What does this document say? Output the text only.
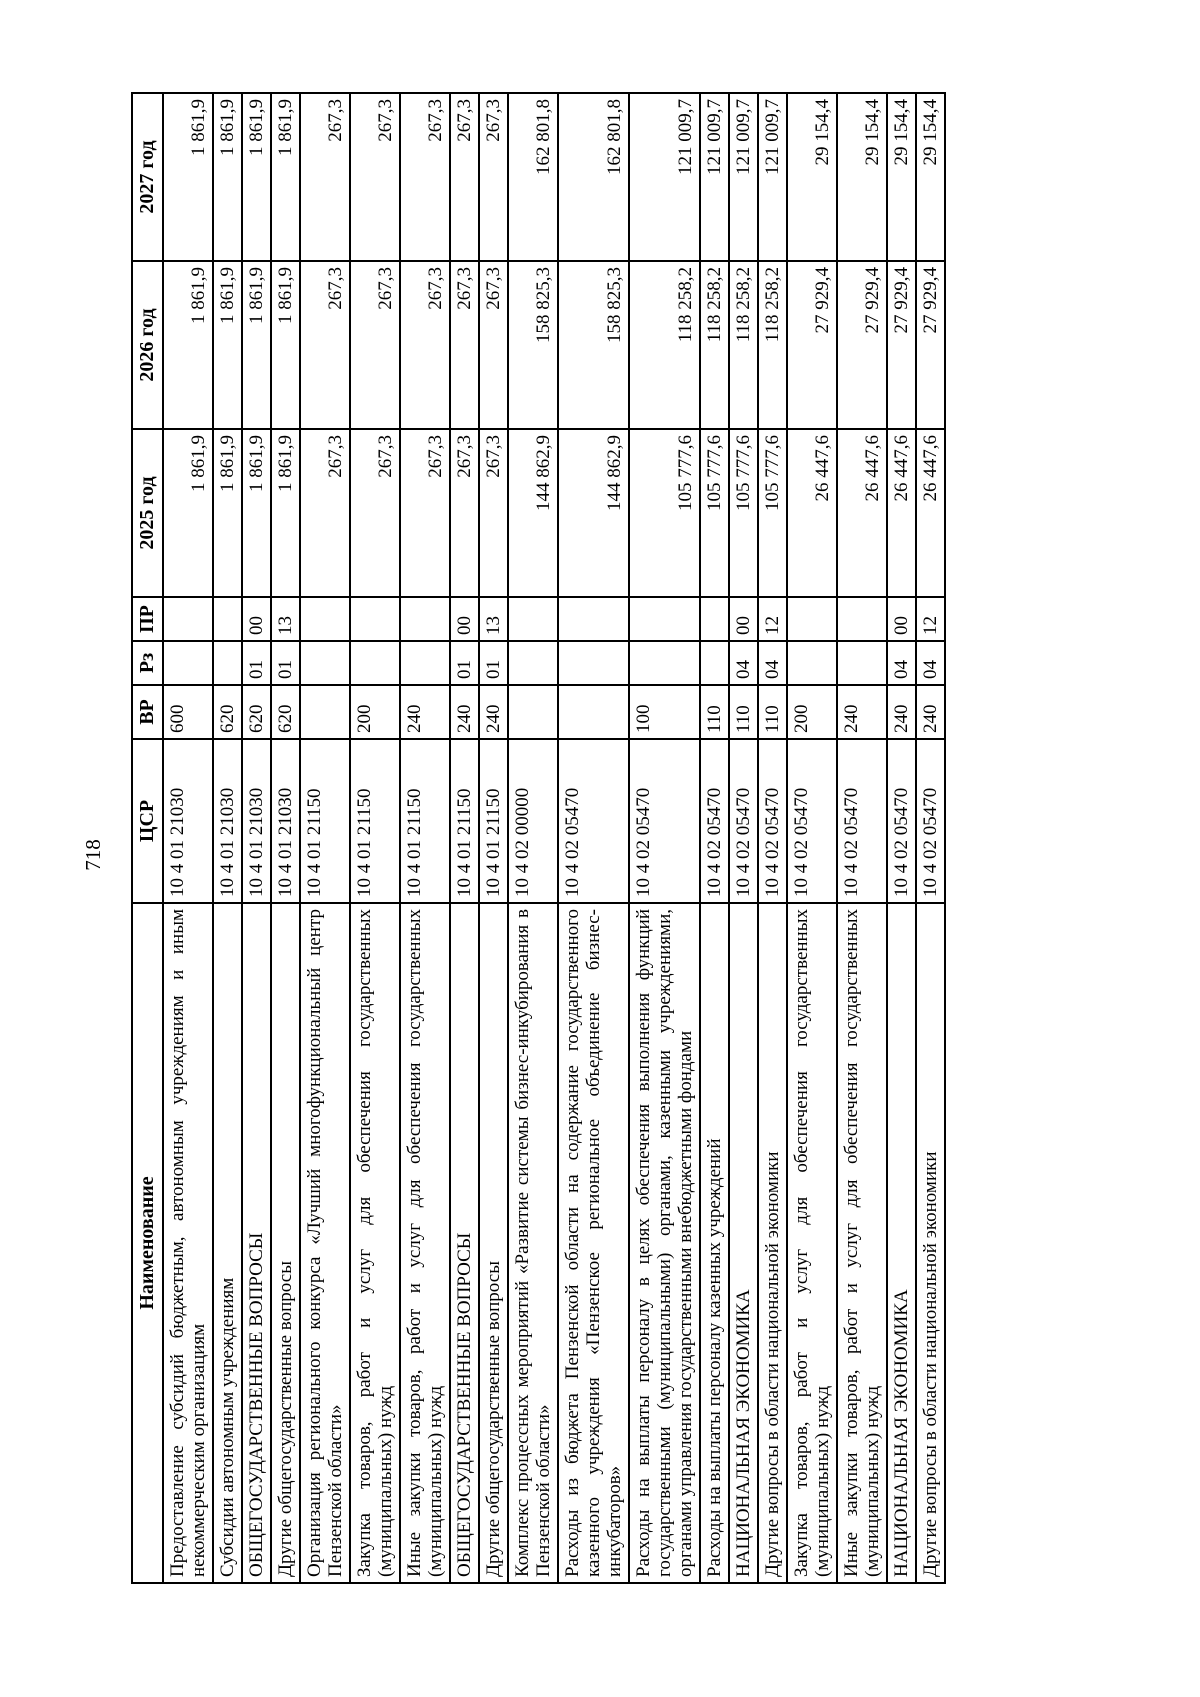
718
Наименование	ЦСР	ВР	Рз	ПР	2025 год	2026 год	2027 год
Предоставление субсидий бюджетным, автономным учреждениям и иным некоммерческим организациям	10 4 01 21030	600			1 861,9	1 861,9	1 861,9
Субсидии автономным учреждениям	10 4 01 21030	620			1 861,9	1 861,9	1 861,9
ОБЩЕГОСУДАРСТВЕННЫЕ ВОПРОСЫ	10 4 01 21030	620	01	00	1 861,9	1 861,9	1 861,9
Другие общегосударственные вопросы	10 4 01 21030	620	01	13	1 861,9	1 861,9	1 861,9
Организация регионального конкурса «Лучший многофункциональный центр Пензенской области»	10 4 01 21150				267,3	267,3	267,3
Закупка товаров, работ и услуг для обеспечения государственных (муниципальных) нужд	10 4 01 21150	200			267,3	267,3	267,3
Иные закупки товаров, работ и услуг для обеспечения государственных (муниципальных) нужд	10 4 01 21150	240			267,3	267,3	267,3
ОБЩЕГОСУДАРСТВЕННЫЕ ВОПРОСЫ	10 4 01 21150	240	01	00	267,3	267,3	267,3
Другие общегосударственные вопросы	10 4 01 21150	240	01	13	267,3	267,3	267,3
Комплекс процессных мероприятий «Развитие системы бизнес-инкубирования в Пензенской области»	10 4 02 00000				144 862,9	158 825,3	162 801,8
Расходы из бюджета Пензенской области на содержание государственного казенного учреждения «Пензенское региональное объединение бизнес-инкубаторов»	10 4 02 05470				144 862,9	158 825,3	162 801,8
Расходы на выплаты персоналу в целях обеспечения выполнения функций государственными (муниципальными) органами, казенными учреждениями, органами управления государственными внебюджетными фондами	10 4 02 05470	100			105 777,6	118 258,2	121 009,7
Расходы на выплаты персоналу казенных учреждений	10 4 02 05470	110			105 777,6	118 258,2	121 009,7
НАЦИОНАЛЬНАЯ ЭКОНОМИКА	10 4 02 05470	110	04	00	105 777,6	118 258,2	121 009,7
Другие вопросы в области национальной экономики	10 4 02 05470	110	04	12	105 777,6	118 258,2	121 009,7
Закупка товаров, работ и услуг для обеспечения государственных (муниципальных) нужд	10 4 02 05470	200			26 447,6	27 929,4	29 154,4
Иные закупки товаров, работ и услуг для обеспечения государственных (муниципальных) нужд	10 4 02 05470	240			26 447,6	27 929,4	29 154,4
НАЦИОНАЛЬНАЯ ЭКОНОМИКА	10 4 02 05470	240	04	00	26 447,6	27 929,4	29 154,4
Другие вопросы в области национальной экономики	10 4 02 05470	240	04	12	26 447,6	27 929,4	29 154,4
